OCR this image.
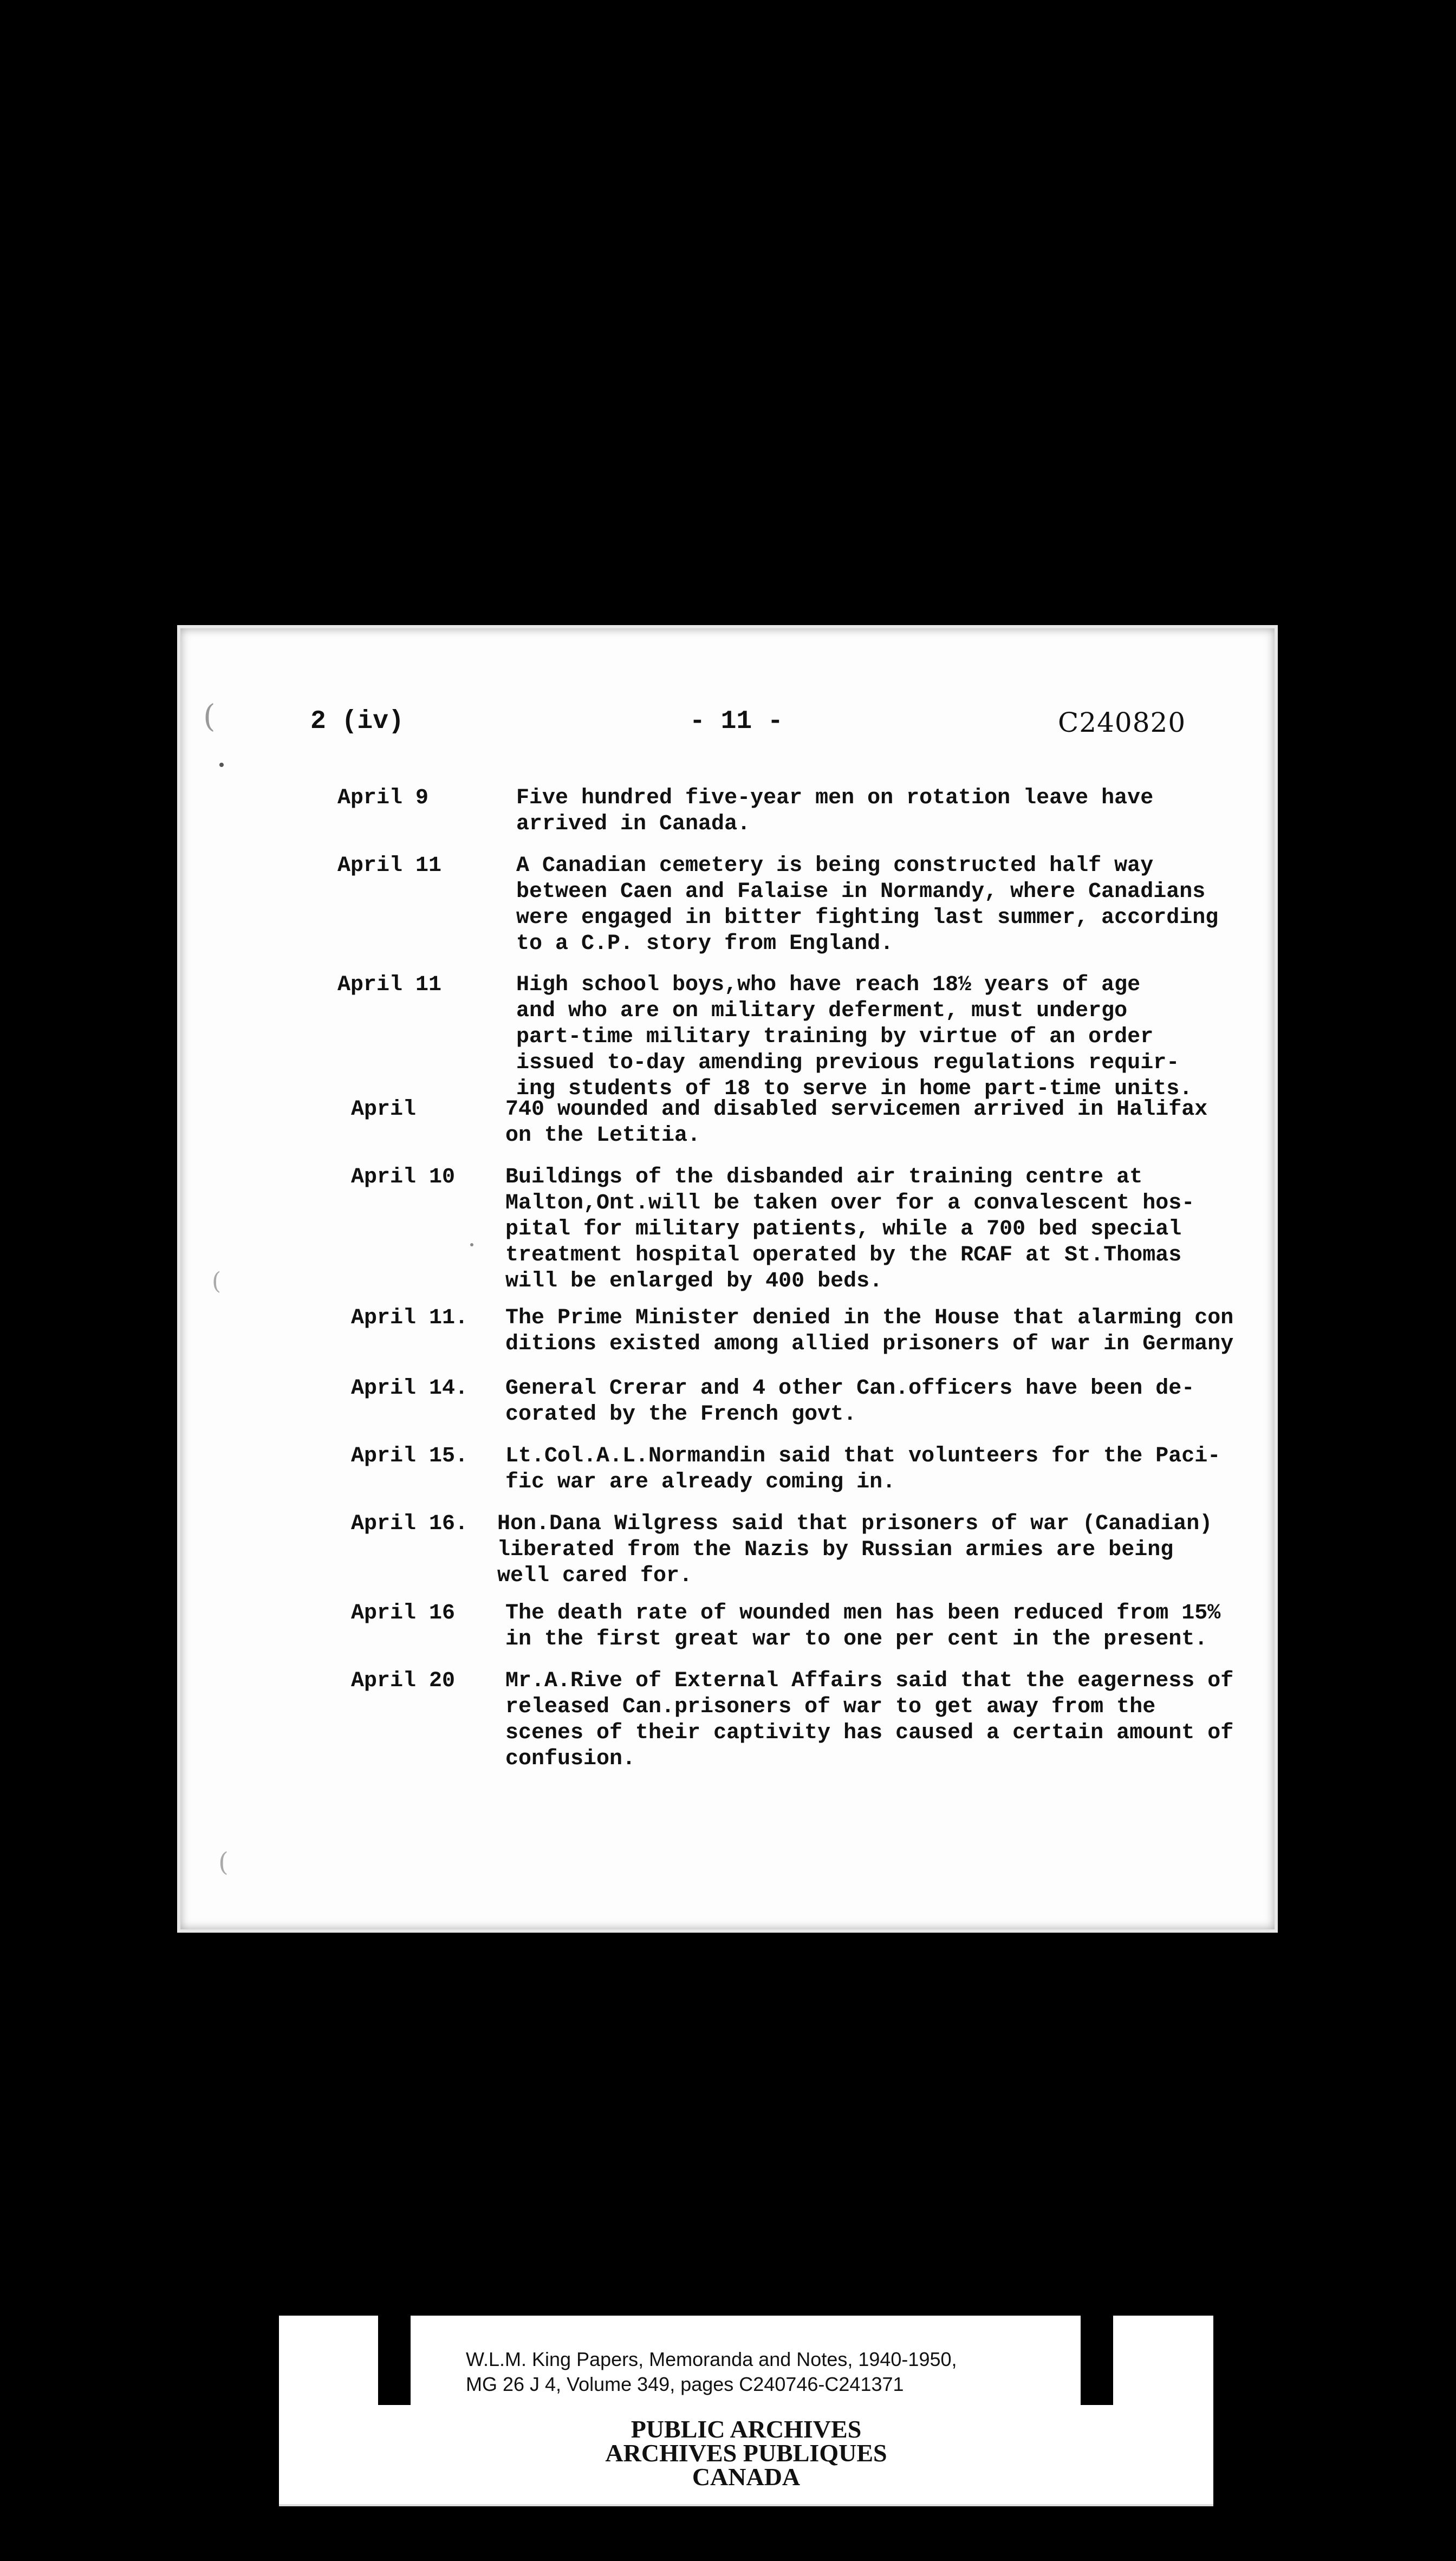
(
(
(
2 (iv)	- 11 -	C240820
April 9	Five hundred five-year men on rotation leave have
arrived in Canada.
April 11	A Canadian cemetery is being constructed half way
between Caen and Falaise in Normandy, where Canadians
were engaged in bitter fighting last summer, according
to a C.P. story from England.
April 11	High school boys,who have reach 18½ years of age
and who are on military deferment, must undergo
part-time military training by virtue of an order
issued to-day amending previous regulations requir-
ing students of 18 to serve in home part-time units.
April	740 wounded and disabled servicemen arrived in Halifax
on the Letitia.
April 10 Buildings of the disbanded air training centre at
Malton,Ont.will be taken over for a convalescent hos-
pital for military patients, while a 700 bed special
treatment hospital operated by the RCAF at St.Thomas
will be enlarged by 400 beds.
April 11. The Prime Minister denied in the House that alarming con
ditions existed among allied prisoners of war in Germany
April 14. General Crerar and 4 other Can.officers have been de-
corated by the French govt.
April 15. Lt.Col.A.L.Normandin said that volunteers for the Paci-
fic war are already coming in.
April 16. Hon.Dana Wilgress said that prisoners of war (Canadian)
liberated from the Nazis by Russian armies are being
well cared for.
April 16 The death rate of wounded men has been reduced from 15%
in the first great war to one per cent in the present.
April 20 Mr.A.Rive of External Affairs said that the eagerness of
released Can.prisoners of war to get away from the
scenes of their captivity has caused a certain amount of
confusion.
W.L.M. King Papers, Memoranda and Notes, 1940-1950,
MG 26 J 4, Volume 349, pages C240746-C241371
PUBLIC ARCHIVES
ARCHIVES PUBLIQUES
CANADA
